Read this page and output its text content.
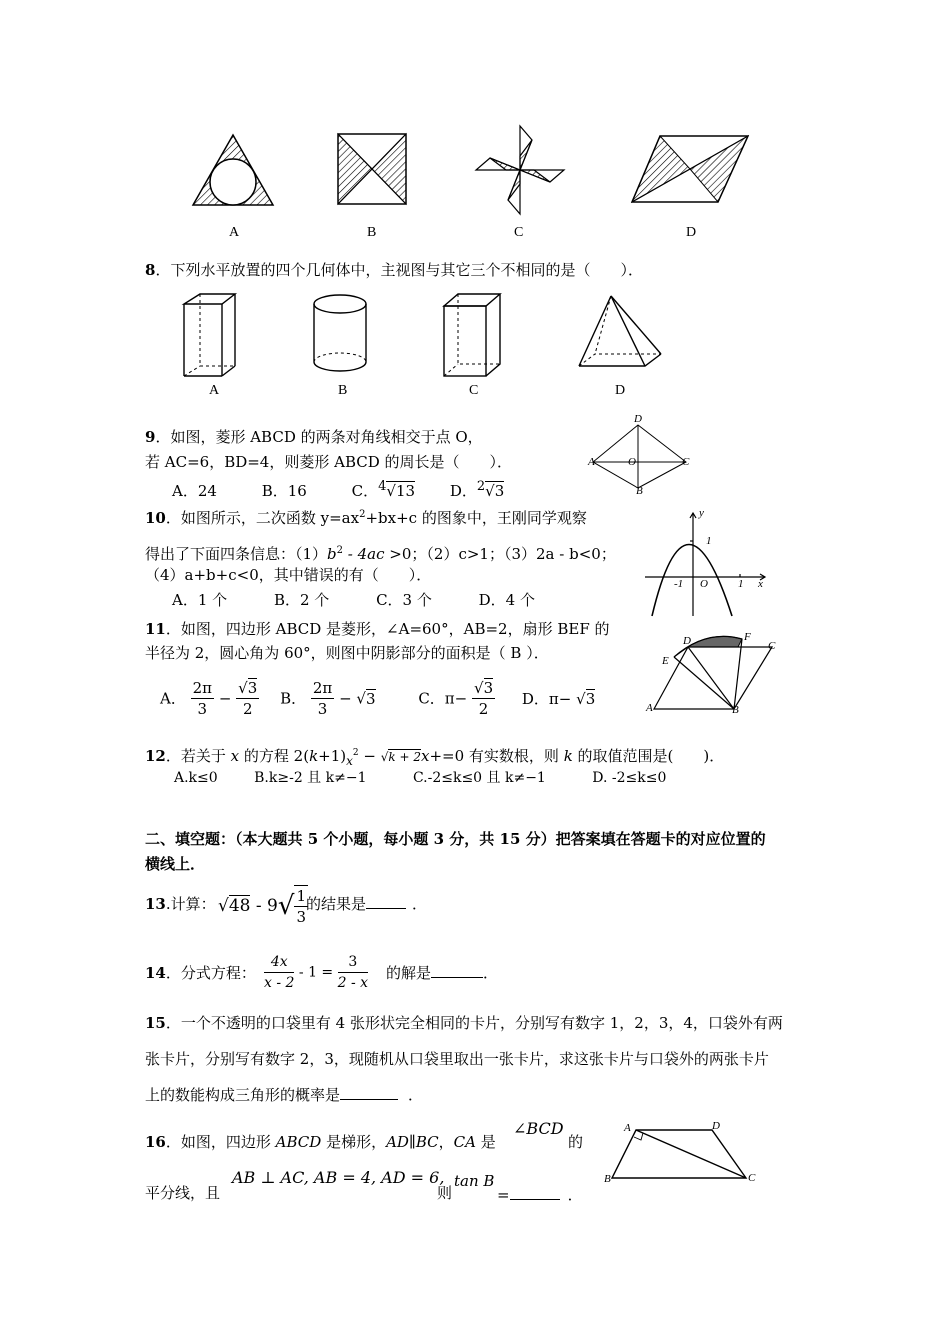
A	B	C	D
8．下列水平放置的四个几何体中，主视图与其它三个不相同的是（　　）．
A	B	C	D
9．如图，菱形 ABCD 的两条对角线相交于点 O，
若 AC=6，BD=4，则菱形 ABCD 的周长是（　　）．
A．24	B．16	C．$^4$√13 D．$^2$√3
D
A	O	C
B
10．如图所示，二次函数 $y=ax^2+bx+c$ 的图象中，王刚同学观察
得出了下面四条信息：$(1)b^2 - 4ac >0$；（2）c>1；（3）2a - b<0；
（4）a+b+c<0，其中错误的有（　　）．
A．1 个	B．2 个	C．3 个	D．4 个
y
1
-1 O	1 x
11．如图，四边形 ABCD 是菱形，∠A=60°，AB=2，扇形 BEF 的
半径为 2，圆心角为 60°，则图中阴影部分的面积是（ B ）．
A． $\frac{2\pi}{3} - \frac{√3}{2}$ B． $\frac{2\pi}{3} - √3$	C．$\pi- \frac{√3}{2}$ D．π− √3
D	F
C
E
A	B
12．若关于 x 的方程 $2(k+1)_x^2 - √k + 2x+=0$ 有实数根，则 k 的取值范围是(　　)．
A.k≤0	B.k≥-2 且 k≠−1	C.-2≤k≤0 且 k≠−1	D. -2≤k≤0
二、填空题：（本大题共 5 个小题，每小题 3 分，共 15 分）把答案填在答题卡的对应位置的
横线上．
13.计算： $√48 - 9√ \frac{1}{3}$
的结果是	．
14．分式方程： $\frac{4x}{x - 2} - 1 = \frac{3}{2 - x}$ 的解是	．
15．一个不透明的口袋里有 4 张形状完全相同的卡片，分别写有数字 1，2，3，4，口袋外有两
张卡片，分别写有数字 2，3，现随机从口袋里取出一张卡片，求这张卡片与口袋外的两张卡片
上的数能构成三角形的概率是	．
16．如图，四边形 ABCD 是梯形，AD∥BC，CA 是
∠BCD
的
平分线，且
AB ⊥ AC, AB = 4, AD = 6,
则
tan B
=	．
A	D
B	C
